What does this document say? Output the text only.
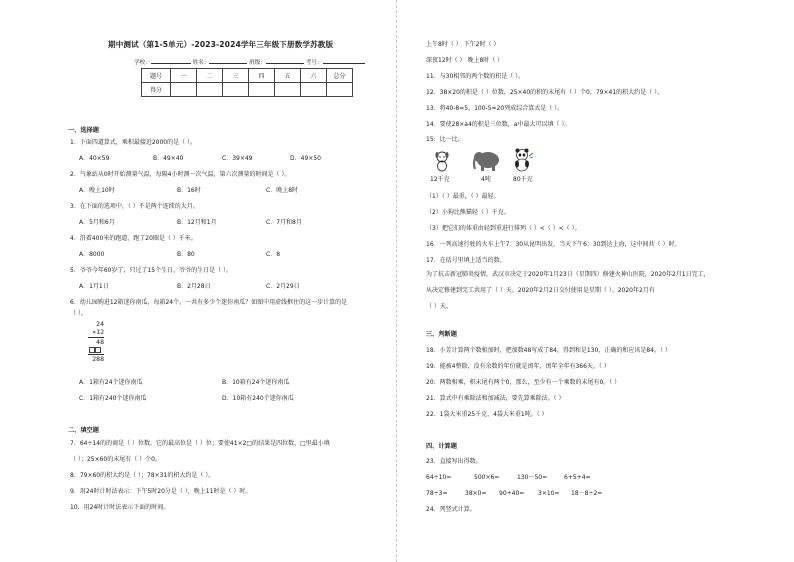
期中测试（第1-5单元）-2023-2024学年三年级下册数学苏教版
学校：	姓名：	班级：	考号：
题号	一	二	三	四	五	六	总分
得分							
一、选择题
1．下面四道算式，乘积最接近2000的是（ ）。
A．40×59	B．49×40	C．39×49	D．49×50
2．气象站从0时开始测量气温，每隔4小时测一次气温，第六次测量的时间是（ ）。
A．晚上10时	B．16时	C．晚上8时
3．在下面的选项中，（ ）不是两个连续的大月。
A．5月和6月	B．12月和1月	C．7月和8月
4．沿着400米的跑道，跑了20圈是（ ）千米。
A．8000	B．80	C．8
5．爷爷今年60岁了，只过了15个生日，爷爷的生日是（ ）。
A．1月1日	B．2月28日	C．2月29日
6．幼儿园购进12箱迷你南瓜，每箱24个。一共有多少个迷你南瓜？如图中用虚线框住的这一步计算的是
（ ）。
24
×12
48
288
A．1箱有24个迷你南瓜	B．10箱有24个迷你南瓜
C．1箱有240个迷你南瓜	D．10箱有240个迷你南瓜
二、填空题
7．64÷14的的商是（ ）位数，它的最高位是（ ）位；要使41×2□的结果是四位数，□里最小填
（ ）；25×60的末尾有（ ）个0。
8．79×60的积大约是（ ）；78×31的积大约是（ ）。
9．用24时计时法表示：下午5时20分是（ ），晚上11时是（ ）时。
10．用24时计时法表示下面的时间。
上午8时（ ） 下午2时（ ）
深夜12时（ ） 晚上8时（ ）
11．与30相邻的两个数的积是（ ）。
12．38×20的积是（ ）位数，25×40的积的末尾有（ ）个0，79×41的积大约是（ ）。
13．将40-8=5，100-5=20列成综合算式是（ ）。
14．要使28×a4的积是三位数，a中最大可以填（ ）。
15．比一比。
12千克	4吨	80千克
（1）（ ）最重，（ ）最轻。
（2）小狗比熊猫轻（ ）千克。
（3）把它们的体重由轻到重进行排列（ ）<（ ）<（ ）。
16．一列高速行驶的火车上午7：30从昆明出发，当天下午6：30到达上海，这中间共（ ）时。
17．在括号里填上适当的数。
为了抗击新冠肺炎疫情，武汉市决定于2020年1月23日（星期四）修建火神山医院，2020年2月1日完工，
从决定修建到完工共用了（ ）天。2020年2月2日交付使用是星期（ ）。2020年2月有
（ ）天。
三、判断题
18．小芳计算两个数相加时，把加数48写成了84，得到和是130，正确的和应该是84。（ ）
19．能被4整除，没有余数的年份就是闰年，闰年全年有366天。（ ）
20．两数相乘，积末尾有两个0，那么，至少有一个乘数的末尾有0。（ ）
21．算式中有乘除法和加减法，要先算乘除法。（ ）
22．1袋大米重25千克，4袋大米重1吨。（ ）
四、计算题
23．直接写出得数。
64÷10=	500×6=	130－50=	6+5+4=
78÷3=	38×0= 90+40= 3×10= 18－8÷2=
24．列竖式计算。
